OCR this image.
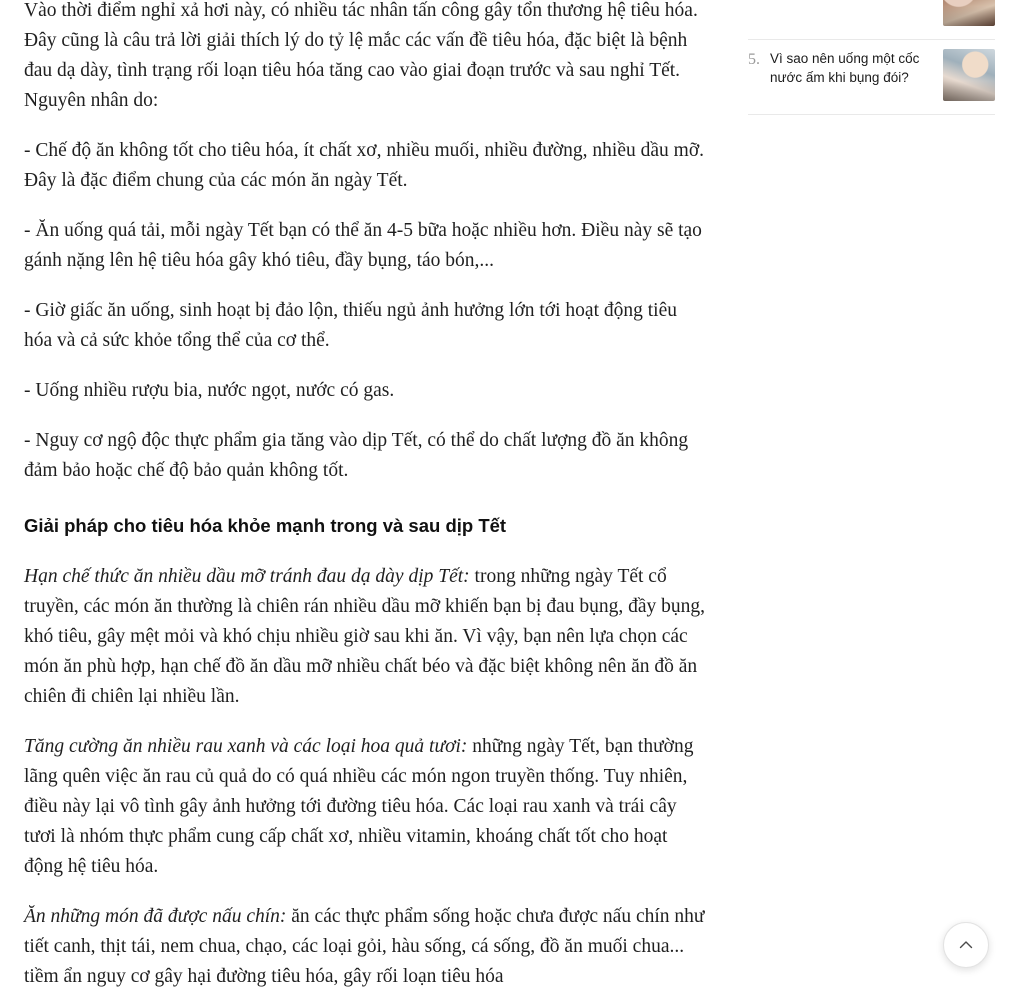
Vào thời điểm nghỉ xả hơi này, có nhiều tác nhân tấn công gây tổn thương hệ tiêu hóa. Đây cũng là câu trả lời giải thích lý do tỷ lệ mắc các vấn đề tiêu hóa, đặc biệt là bệnh đau dạ dày, tình trạng rối loạn tiêu hóa tăng cao vào giai đoạn trước và sau nghỉ Tết. Nguyên nhân do:

- Chế độ ăn không tốt cho tiêu hóa, ít chất xơ, nhiều muối, nhiều đường, nhiều dầu mỡ. Đây là đặc điểm chung của các món ăn ngày Tết.

- Ăn uống quá tải, mỗi ngày Tết bạn có thể ăn 4-5 bữa hoặc nhiều hơn. Điều này sẽ tạo gánh nặng lên hệ tiêu hóa gây khó tiêu, đầy bụng, táo bón,...

- Giờ giấc ăn uống, sinh hoạt bị đảo lộn, thiếu ngủ ảnh hưởng lớn tới hoạt động tiêu hóa và cả sức khỏe tổng thể của cơ thể.

- Uống nhiều rượu bia, nước ngọt, nước có gas.

- Nguy cơ ngộ độc thực phẩm gia tăng vào dịp Tết, có thể do chất lượng đồ ăn không đảm bảo hoặc chế độ bảo quản không tốt.

Giải pháp cho tiêu hóa khỏe mạnh trong và sau dịp Tết

Hạn chế thức ăn nhiều dầu mỡ tránh đau dạ dày dịp Tết: trong những ngày Tết cổ truyền, các món ăn thường là chiên rán nhiều dầu mỡ khiến bạn bị đau bụng, đầy bụng, khó tiêu, gây mệt mỏi và khó chịu nhiều giờ sau khi ăn. Vì vậy, bạn nên lựa chọn các món ăn phù hợp, hạn chế đồ ăn dầu mỡ nhiều chất béo và đặc biệt không nên ăn đồ ăn chiên đi chiên lại nhiều lần.

Tăng cường ăn nhiều rau xanh và các loại hoa quả tươi: những ngày Tết, bạn thường lãng quên việc ăn rau củ quả do có quá nhiều các món ngon truyền thống. Tuy nhiên, điều này lại vô tình gây ảnh hưởng tới đường tiêu hóa. Các loại rau xanh và trái cây tươi là nhóm thực phẩm cung cấp chất xơ, nhiều vitamin, khoáng chất tốt cho hoạt động hệ tiêu hóa.

Ăn những món đã được nấu chín: ăn các thực phẩm sống hoặc chưa được nấu chín như tiết canh, thịt tái, nem chua, chạo, các loại gỏi, hàu sống, cá sống, đồ ăn muối chua... tiềm ẩn nguy cơ gây hại đường tiêu hóa, gây rối loạn tiêu hóa

5. Vì sao nên uống một cốc nước ấm khi bụng đói?
